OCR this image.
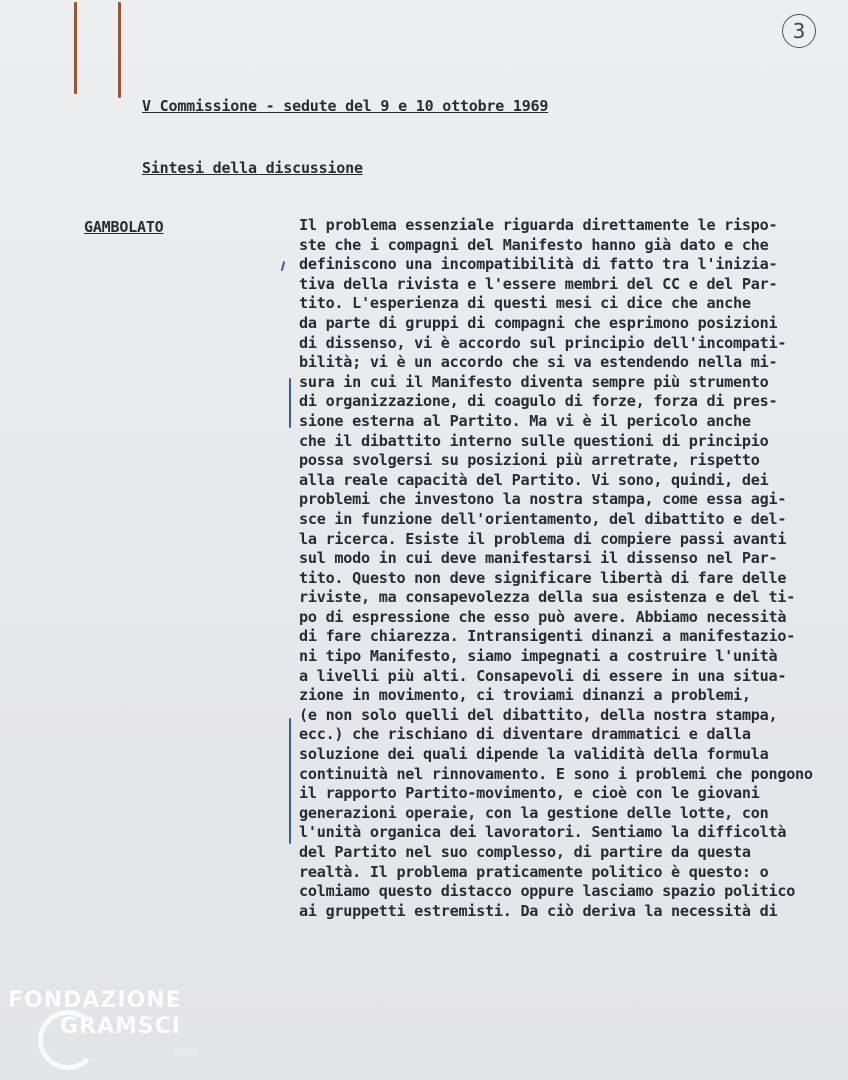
3
V Commissione - sedute del 9 e 10 ottobre 1969
Sintesi della discussione
GAMBOLATO	Il problema essenziale riguarda direttamente le rispo-
ste che i compagni del Manifesto hanno già dato e che
definiscono una incompatibilità di fatto tra l'inizia-
tiva della rivista e l'essere membri del CC e del Par-
tito. L'esperienza di questi mesi ci dice che anche
da parte di gruppi di compagni che esprimono posizioni
di dissenso, vi è accordo sul principio dell'incompati-
bilità; vi è un accordo che si va estendendo nella mi-
sura in cui il Manifesto diventa sempre più strumento
di organizzazione, di coagulo di forze, forza di pres-
sione esterna al Partito. Ma vi è il pericolo anche
che il dibattito interno sulle questioni di principio
possa svolgersi su posizioni più arretrate, rispetto
alla reale capacità del Partito. Vi sono, quindi, dei
problemi che investono la nostra stampa, come essa agi-
sce in funzione dell'orientamento, del dibattito e del-
la ricerca. Esiste il problema di compiere passi avanti
sul modo in cui deve manifestarsi il dissenso nel Par-
tito. Questo non deve significare libertà di fare delle
riviste, ma consapevolezza della sua esistenza e del ti-
po di espressione che esso può avere. Abbiamo necessità
di fare chiarezza. Intransigenti dinanzi a manifestazio-
ni tipo Manifesto, siamo impegnati a costruire l'unità
a livelli più alti. Consapevoli di essere in una situa-
zione in movimento, ci troviami dinanzi a problemi,
(e non solo quelli del dibattito, della nostra stampa,
ecc.) che rischiano di diventare drammatici e dalla
soluzione dei quali dipende la validità della formula
continuità nel rinnovamento. E sono i problemi che pongono
il rapporto Partito-movimento, e cioè con le giovani
generazioni operaie, con la gestione delle lotte, con
l'unità organica dei lavoratori. Sentiamo la difficoltà
del Partito nel suo complesso, di partire da questa
realtà. Il problema praticamente politico è questo: o
colmiamo questo distacco oppure lasciamo spazio politico
ai gruppetti estremisti. Da ciò deriva la necessità di
FONDAZIONE
GRAMSCI
onlus
